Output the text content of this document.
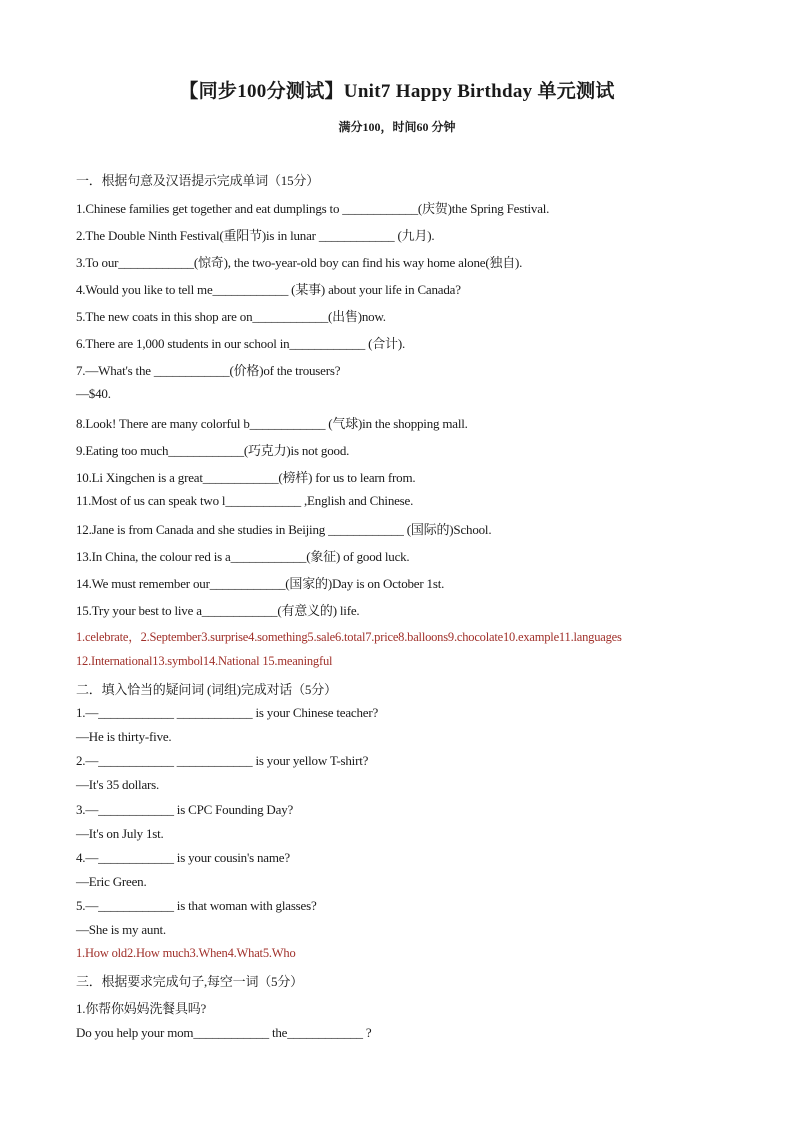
【同步100分测试】Unit7 Happy Birthday 单元测试
满分100，时间60 分钟
一．根据句意及汉语提示完成单词（15分）
1.Chinese families get together and eat dumplings to ____________(庆贺)the Spring Festival.
2.The Double Ninth Festival(重阳节)is in lunar ____________ (九月).
3.To our____________(惊奇), the two-year-old boy can find his way home alone(独自).
4.Would you like to tell me____________ (某事) about your life in Canada?
5.The new coats in this shop are on____________(出售)now.
6.There are 1,000 students in our school in____________ (合计).
7.—What's the ____________(价格)of the trousers?
—$40.
8.Look! There are many colorful b____________ (气球)in the shopping mall.
9.Eating too much____________(巧克力)is not good.
10.Li Xingchen is a great____________(榜样) for us to learn from.
11.Most of us can speak two l____________ ,English and Chinese.
12.Jane is from Canada and she studies in Beijing ____________ (国际的)School.
13.In China, the colour red is a____________(象征) of good luck.
14.We must remember our____________(国家的)Day is on October 1st.
15.Try your best to live a____________(有意义的) life.
1.celebrate，2.September3.surprise4.something5.sale6.total7.price8.balloons9.chocolate10.example11.languages
12.International13.symbol14.National 15.meaningful
二．填入恰当的疑问词 (词组)完成对话（5分）
1.—____________ ____________ is your Chinese teacher?
—He is thirty-five.
2.—____________ ____________ is your yellow T-shirt?
—It's 35 dollars.
3.—____________ is CPC Founding Day?
—It's on July 1st.
4.—____________ is your cousin's name?
—Eric Green.
5.—____________ is that woman with glasses?
—She is my aunt.
1.How old2.How much3.When4.What5.Who
三．根据要求完成句子,每空一词（5分）
1.你帮你妈妈洗餐具吗?
Do you help your mom____________ the____________ ?
